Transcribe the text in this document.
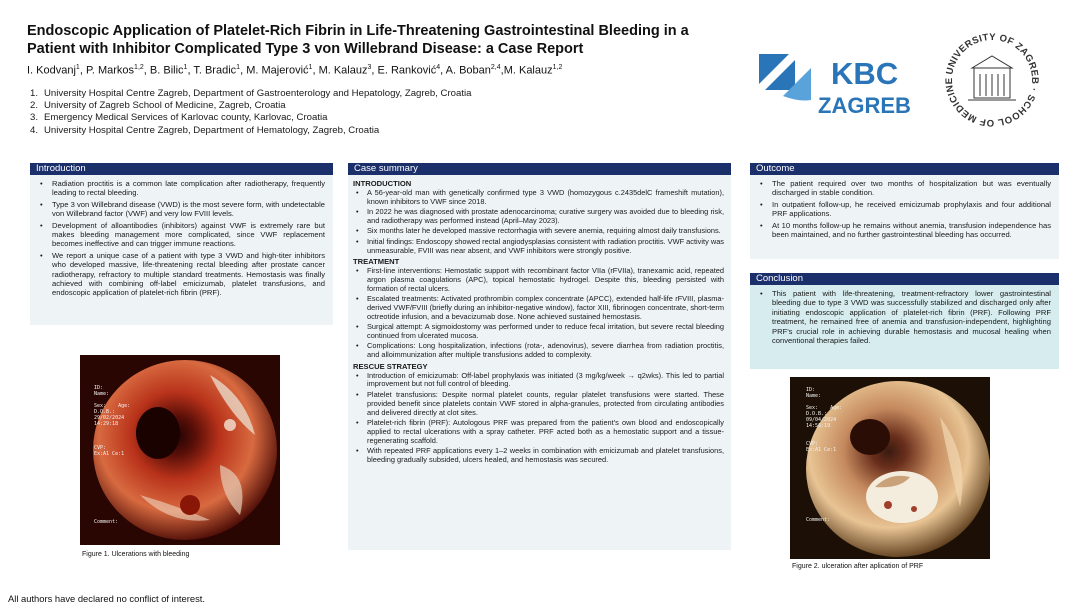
Endoscopic Application of Platelet-Rich Fibrin in Life-Threatening Gastrointestinal Bleeding in a Patient with Inhibitor Complicated Type 3 von Willebrand Disease: a Case Report
I. Kodvanj$^1$, P. Markos$^{1,2}$, B. Bilic$^1$, T. Bradic$^1$, M. Majerović$^1$, M. Kalauz$^3$, E. Ranković$^4$, A. Boban$^{2,4}$,M. Kalauz$^{1,2}$
1. University Hospital Centre Zagreb, Department of Gastroenterology and Hepatology, Zagreb, Croatia
2. University of Zagreb School of Medicine, Zagreb, Croatia
3. Emergency Medical Services of Karlovac county, Karlovac, Croatia
4. University Hospital Centre Zagreb, Department of Hematology, Zagreb, Croatia
KBC
ZAGREB
UNIVERSITY OF ZAGREB · SCHOOL OF MEDICINE
Introduction
• Radiation proctitis is a common late complication after radiotherapy, frequently leading to rectal bleeding.
• Type 3 von Willebrand disease (VWD) is the most severe form, with undetectable von Willebrand factor (VWF) and very low FVIII levels.
• Development of alloantibodies (inhibitors) against VWF is extremely rare but makes bleeding management more complicated, since VWF replacement becomes ineffective and can trigger immune reactions.
• We report a unique case of a patient with type 3 VWD and high-titer inhibitors who developed massive, life-threatening rectal bleeding after prostate cancer radiotherapy, refractory to multiple standard treatments. Hemostasis was finally achieved with combining off-label emicizumab, platelet transfusions, and endoscopic application of platelet-rich fibrin (PRF).
ID:
Name:

Sex:    Age:
D.O.B.:
29/02/2024
14:29:18

CVP:
Ex:A1 Ce:1
Comment:
Figure 1. Ulcerations with bleeding
Case summary
INTRODUCTION
• A 56-year-old man with genetically confirmed type 3 VWD (homozygous c.2435delC frameshift mutation), known inhibitors to VWF since 2018.
• In 2022 he was diagnosed with prostate adenocarcinoma; curative surgery was avoided due to bleeding risk, and radiotherapy was performed instead (April–May 2023).
• Six months later he developed massive rectorrhagia with severe anemia, requiring almost daily transfusions.
• Initial findings: Endoscopy showed rectal angiodysplasias consistent with radiation proctitis. VWF activity was unmeasurable, FVIII was near absent, and VWF inhibitors were strongly positive.
TREATMENT
• First-line interventions: Hemostatic support with recombinant factor VIIa (rFVIIa), tranexamic acid, repeated argon plasma coagulations (APC), topical hemostatic hydrogel. Despite this, bleeding persisted with formation of rectal ulcers.
• Escalated treatments: Activated prothrombin complex concentrate (APCC), extended half-life rFVIII, plasma-derived VWF/FVIII (briefly during an inhibitor-negative window), factor XIII, fibrinogen concentrate, short-term octreotide infusion, and a bevacizumab dose. None achieved sustained hemostasis.
• Surgical attempt: A sigmoidostomy was performed under to reduce fecal irritation, but severe rectal bleeding continued from ulcerated mucosa.
• Complications: Long hospitalization, infections (rota-, adenovirus), severe diarrhea from radiation proctitis, and alloimmunization after multiple transfusions added to complexity.
RESCUE STRATEGY
• Introduction of emicizumab: Off-label prophylaxis was initiated (3 mg/kg/week → q2wks). This led to partial improvement but not full control of bleeding.
• Platelet transfusions: Despite normal platelet counts, regular platelet transfusions were started. These provided benefit since platelets contain VWF stored in alpha-granules, protected from circulating antibodies and delivered directly at clot sites.
• Platelet-rich fibrin (PRF): Autologous PRF was prepared from the patient's own blood and endoscopically applied to rectal ulcerations with a spray catheter. PRF acted both as a hemostatic support and a tissue-regenerating scaffold.
• With repeated PRF applications every 1–2 weeks in combination with emicizumab and platelet transfusions, bleeding gradually subsided, ulcers healed, and hemostasis was secured.
Outcome
• The patient required over two months of hospitalization but was eventually discharged in stable condition.
• In outpatient follow-up, he received emicizumab prophylaxis and four additional PRF applications.
• At 10 months follow-up he remains without anemia, transfusion independence has been maintained, and no further gastrointestinal bleeding has occurred.
Conclusion
• This patient with life-threatening, treatment-refractory lower gastrointestinal bleeding due to type 3 VWD was successfully stabilized and discharged only after initiating endoscopic application of platelet-rich fibrin (PRF). Following PRF treatment, he remained free of anemia and transfusion-independent, highlighting PRF's crucial role in achieving durable hemostasis and mucosal healing when conventional therapies failed.
ID:
Name:

Sex:    Age:
D.O.B.:
09/04/2024
14:56:19

CVP:
Ex:A1 Ce:1
Comment:
Figure 2. ulceration after aplication of PRF
All authors have declared no conflict of interest.
